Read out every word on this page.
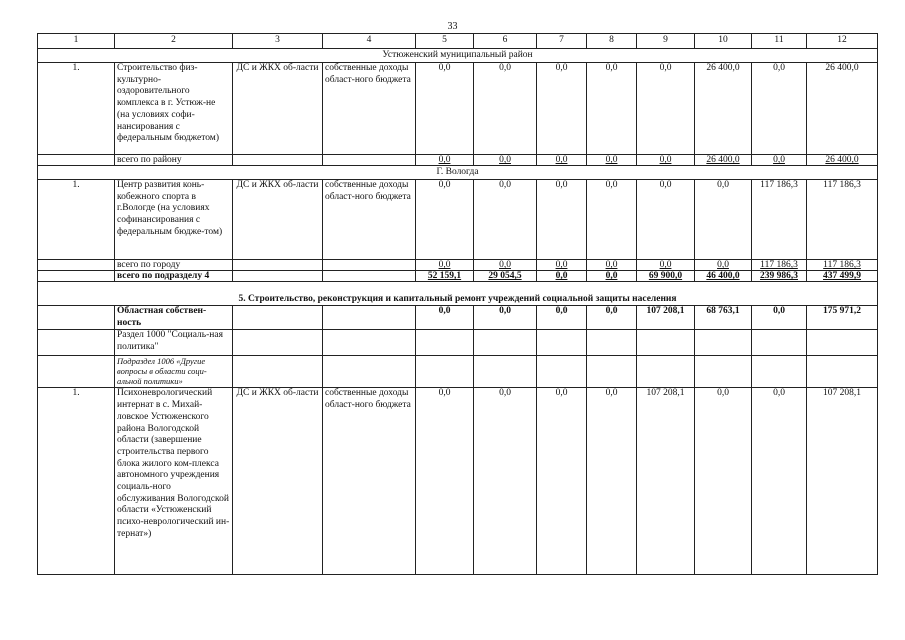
33
1	2	3	4	5	6	7	8	9	10	11	12
Устюженский муниципальный район											
1.	Строительство физ-культурно-оздоровительного комплекса в г. Устюж-не (на условиях софи-нансирования с федеральным бюджетом)	ДС и ЖКХ об-ласти	собственные доходы област-ного бюджета	0,0	0,0	0,0	0,0	0,0	26 400,0	0,0	26 400,0
	всего по району			0,0	0,0	0,0	0,0	0,0	26 400,0	0,0	26 400,0
Г. Вологда											
1.	Центр развития конь-кобежного спорта в г.Вологде (на условиях софинансирования с федеральным бюдже-том)	ДС и ЖКХ об-ласти	собственные доходы област-ного бюджета	0,0	0,0	0,0	0,0	0,0	0,0	117 186,3	117 186,3
	всего по городу			0,0	0,0	0,0	0,0	0,0	0,0	117 186,3	117 186,3
	всего по подразделу 4			52 159,1	29 054,5	0,0	0,0	69 900,0	46 400,0	239 986,3	437 499,9

5. Строительство, реконструкция и капитальный ремонт учреждений социальной защиты населения											
	Областная собствен-ность			0,0	0,0	0,0	0,0	107 208,1	68 763,1	0,0	175 971,2
	Раздел 1000 "Социаль-ная политика"										
	Подраздел 1006 «Другие вопросы в области соци-альной политики»										
1.	Психоневрологический интернат в с. Михай-ловское Устюженского района Вологодской области (завершение строительства первого блока жилого ком-плекса автономного учреждения социаль-ного обслуживания Вологодской области «Устюженский психо-неврологический ин-тернат»)	ДС и ЖКХ об-ласти	собственные доходы област-ного бюджета	0,0	0,0	0,0	0,0	107 208,1	0,0	0,0	107 208,1
